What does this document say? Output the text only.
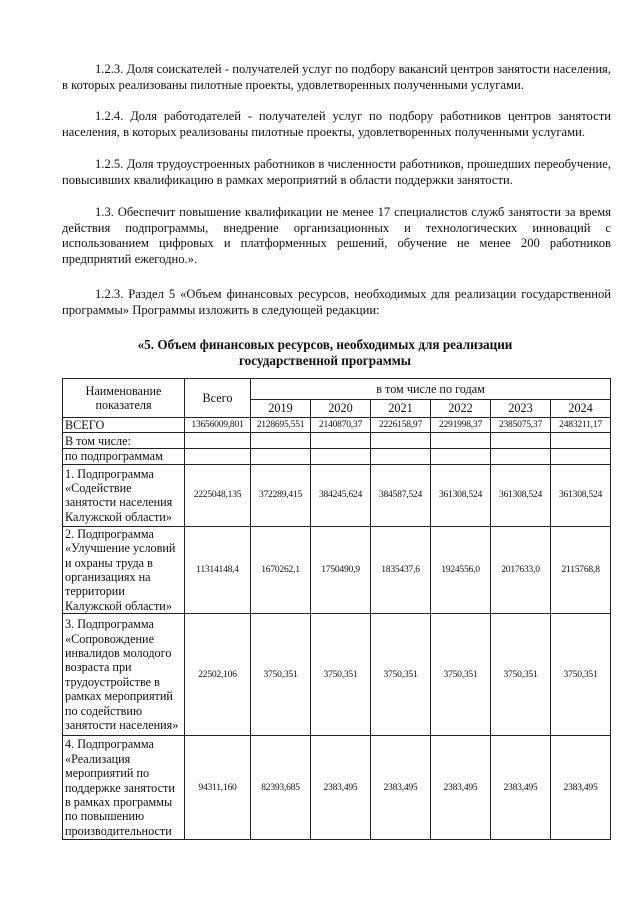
1.2.3. Доля соискателей - получателей услуг по подбору вакансий центров занятости населения, в которых реализованы пилотные проекты, удовлетворенных полученными услугами.

1.2.4. Доля работодателей - получателей услуг по подбору работников центров занятости населения, в которых реализованы пилотные проекты, удовлетворенных полученными услугами.

1.2.5. Доля трудоустроенных работников в численности работников, прошедших переобучение, повысивших квалификацию в рамках мероприятий в области поддержки занятости.

1.3. Обеспечит повышение квалификации не менее 17 специалистов служб занятости за время действия подпрограммы, внедрение организационных и технологических инноваций с использованием цифровых и платформенных решений, обучение не менее 200 работников предприятий ежегодно.».

1.2.3. Раздел 5 «Объем финансовых ресурсов, необходимых для реализации государственной программы» Программы изложить в следующей редакции:

«5. Объем финансовых ресурсов, необходимых для реализации государственной программы
Наименование показателя	Всего	в том числе по годам					
		2019	2020	2021	2022	2023	2024
ВСЕГО	13656009,801	2128695,551	2140870,37	2226158,97	2291998,37	2385075,37	2483211,17
В том числе:							
по подпрограммам							
1. Подпрограмма «Содействие занятости населения Калужской области»	2225048,135	372289,415	384245,624	384587,524	361308,524	361308,524	361308,524
2. Подпрограмма «Улучшение условий и охраны труда в организациях на территории Калужской области»	11314148,4	1670262,1	1750490,9	1835437,6	1924556,0	2017633,0	2115768,8
3. Подпрограмма «Сопровождение инвалидов молодого возраста при трудоустройстве в рамках мероприятий по содействию занятости населения»	22502,106	3750,351	3750,351	3750,351	3750,351	3750,351	3750,351
4. Подпрограмма «Реализация мероприятий по поддержке занятости в рамках программы по повышению производительности	94311,160	82393,685	2383,495	2383,495	2383,495	2383,495	2383,495
